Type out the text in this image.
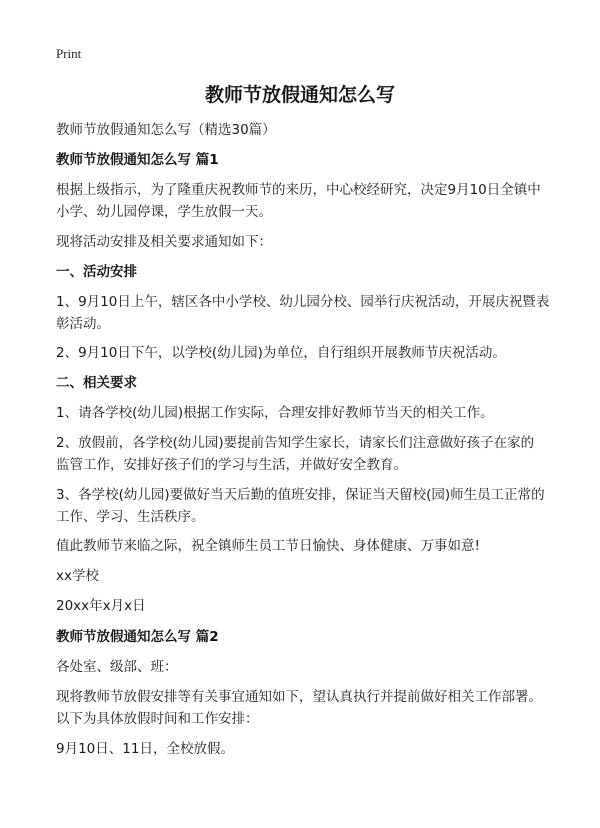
Print
教师节放假通知怎么写
教师节放假通知怎么写（精选30篇）
教师节放假通知怎么写 篇1
根据上级指示，为了隆重庆祝教师节的来历，中心校经研究，决定9月10日全镇中
小学、幼儿园停课，学生放假一天。
现将活动安排及相关要求通知如下：
一、活动安排
1、9月10日上午，辖区各中小学校、幼儿园分校、园举行庆祝活动，开展庆祝暨表
彰活动。
2、9月10日下午，以学校(幼儿园)为单位，自行组织开展教师节庆祝活动。
二、相关要求
1、请各学校(幼儿园)根据工作实际，合理安排好教师节当天的相关工作。
2、放假前，各学校(幼儿园)要提前告知学生家长，请家长们注意做好孩子在家的
监管工作，安排好孩子们的学习与生活，并做好安全教育。
3、各学校(幼儿园)要做好当天后勤的值班安排，保证当天留校(园)师生员工正常的
工作、学习、生活秩序。
值此教师节来临之际，祝全镇师生员工节日愉快、身体健康、万事如意!
xx学校
20xx年x月x日
教师节放假通知怎么写 篇2
各处室、级部、班：
现将教师节放假安排等有关事宜通知如下，望认真执行并提前做好相关工作部署。
以下为具体放假时间和工作安排：
9月10日、11日，全校放假。
